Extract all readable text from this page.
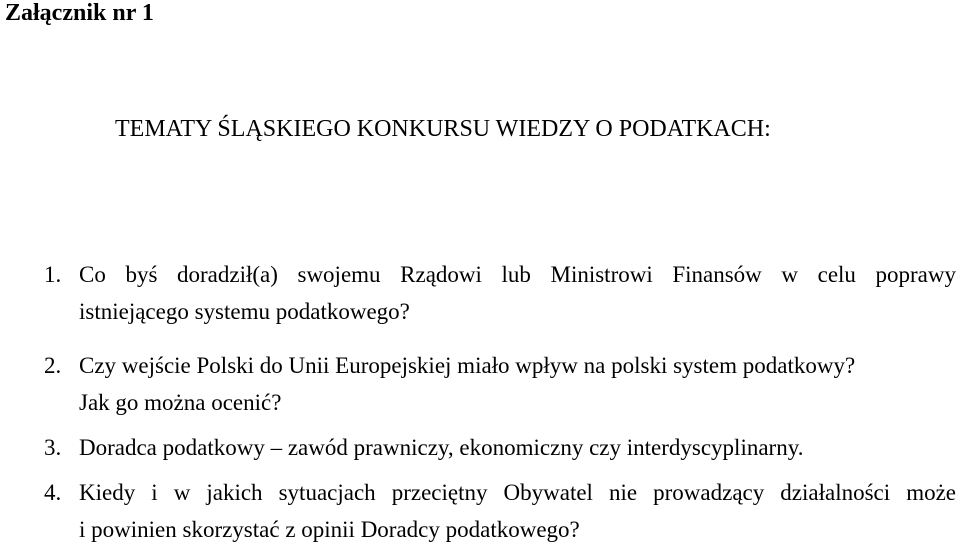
Załącznik nr 1
TEMATY ŚLĄSKIEGO KONKURSU WIEDZY O PODATKACH:
1. Co byś doradził(a) swojemu Rządowi lub Ministrowi Finansów w celu poprawy
istniejącego systemu podatkowego?
2. Czy wejście Polski do Unii Europejskiej miało wpływ na polski system podatkowy?
Jak go można ocenić?
3. Doradca podatkowy – zawód prawniczy, ekonomiczny czy interdyscyplinarny.
4. Kiedy i w jakich sytuacjach przeciętny Obywatel nie prowadzący działalności może
i powinien skorzystać z opinii Doradcy podatkowego?
